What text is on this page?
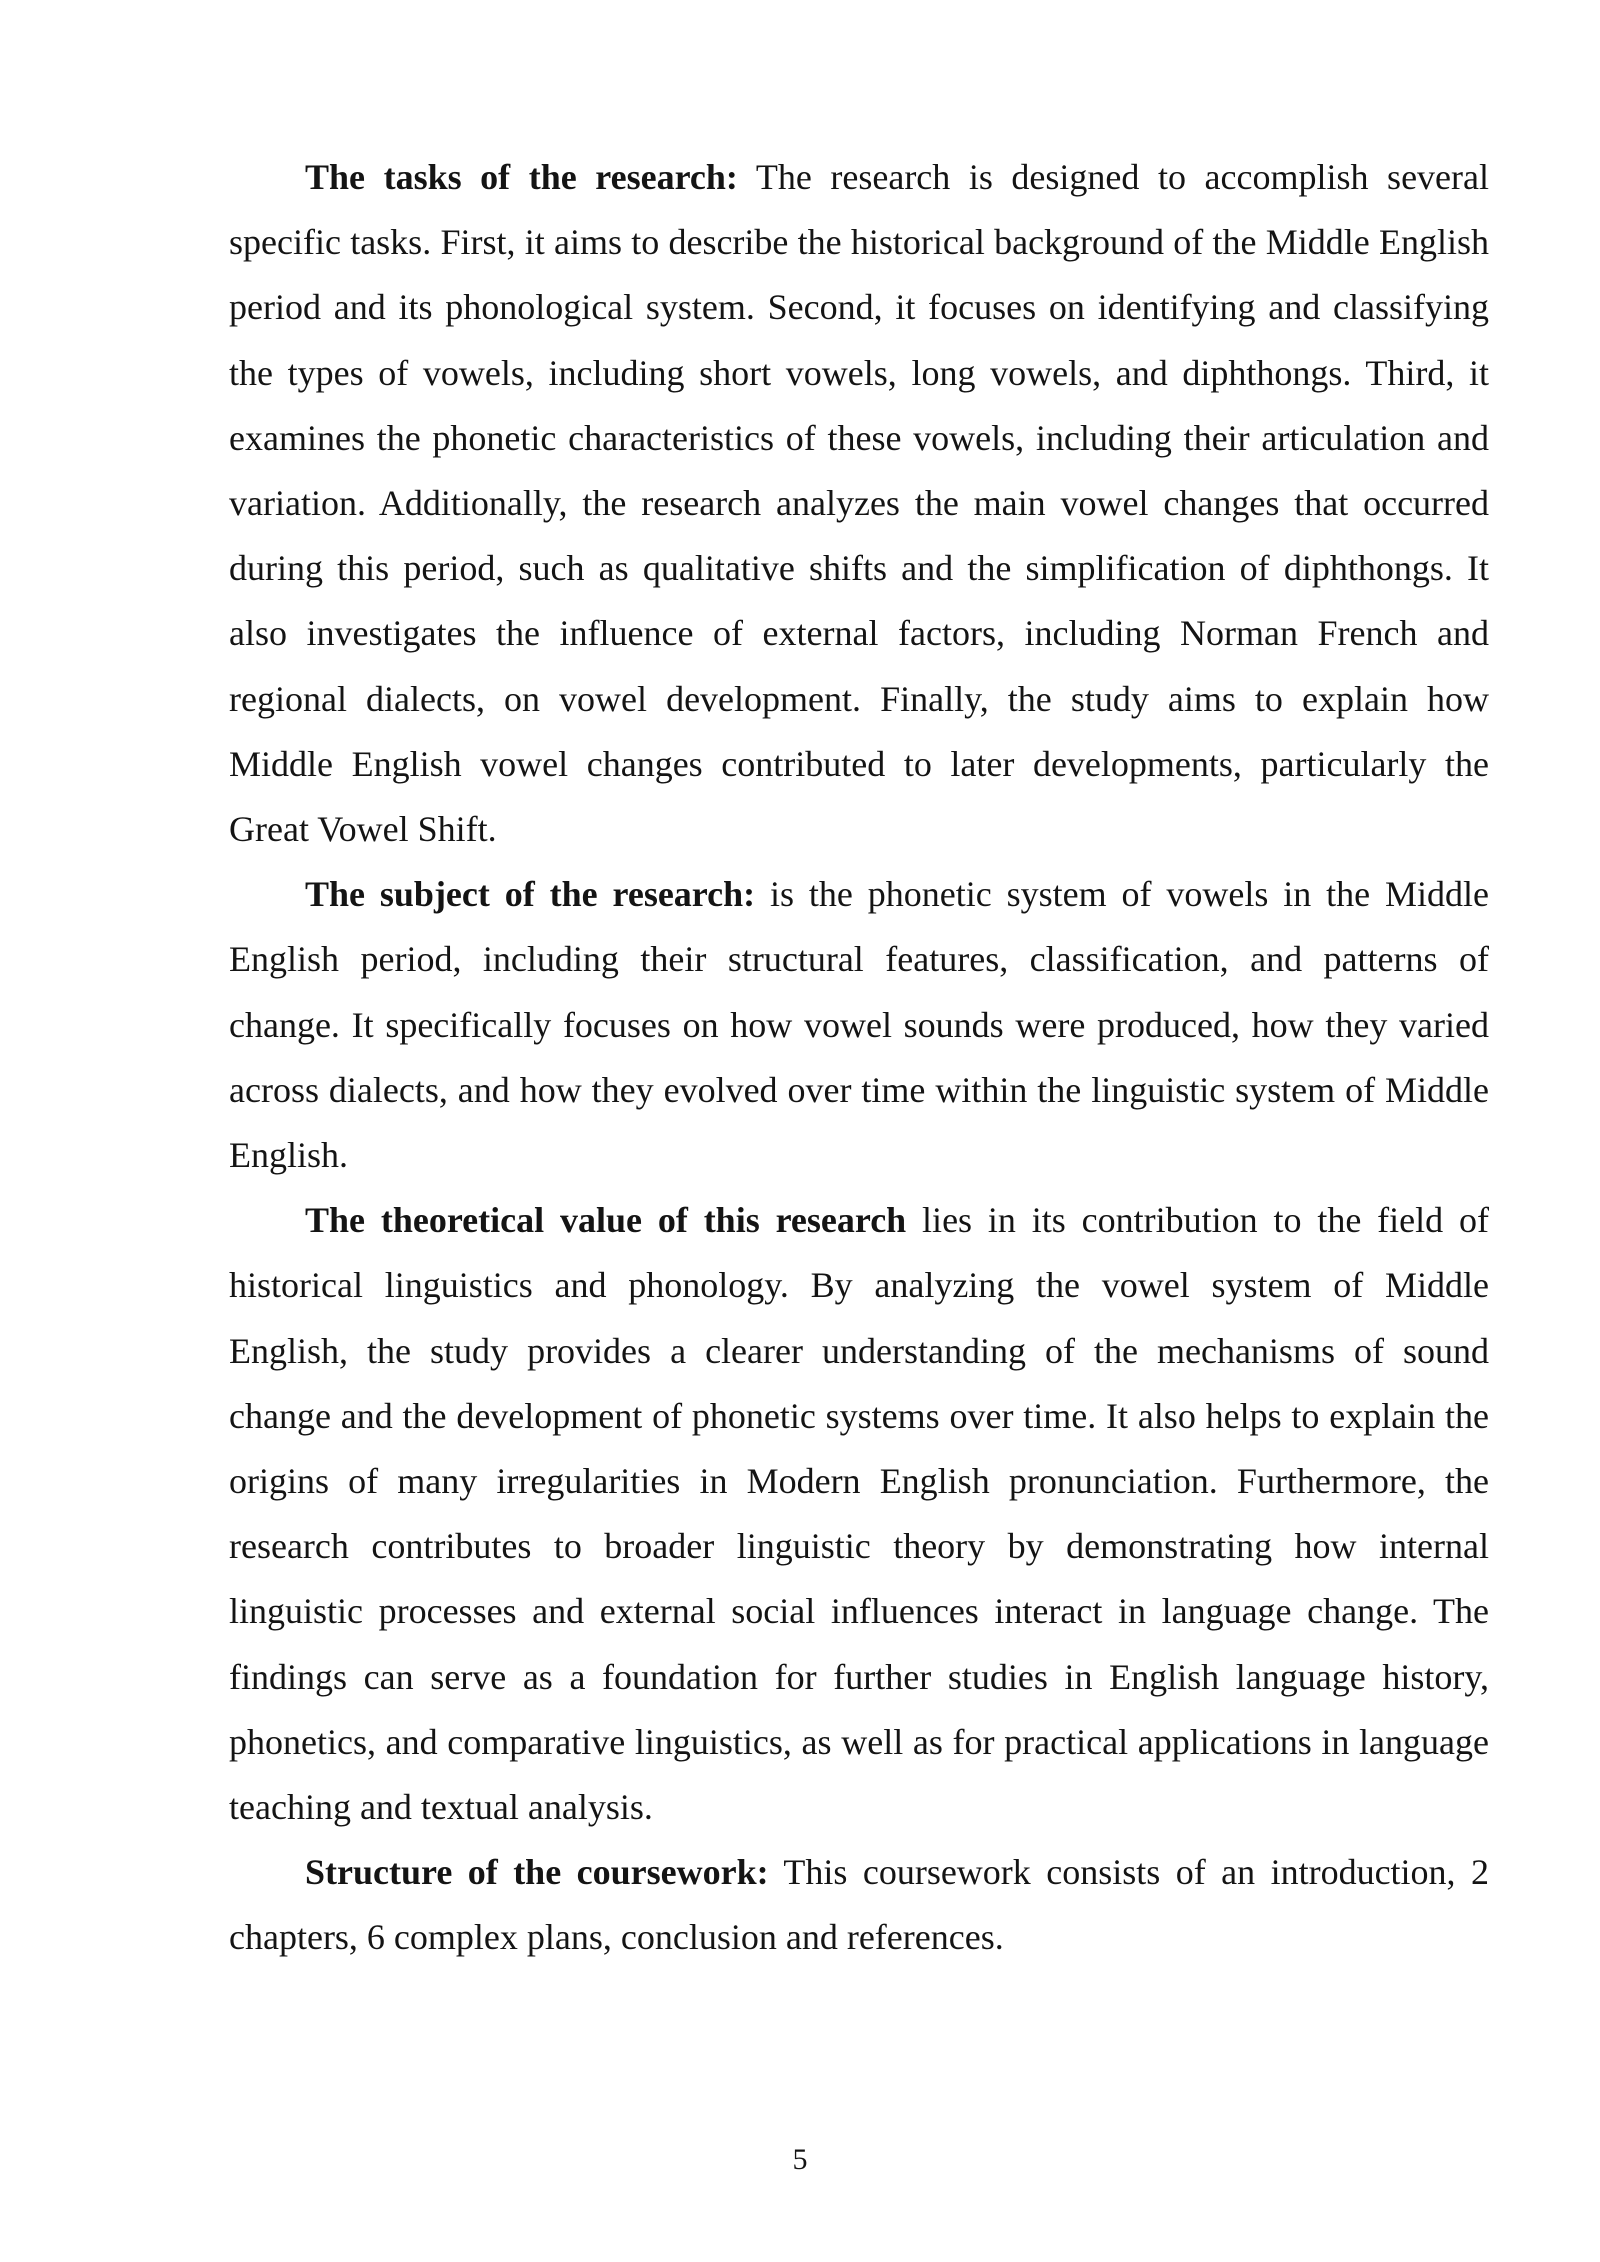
The tasks of the research: The research is designed to accomplish several specific tasks. First, it aims to describe the historical background of the Middle English period and its phonological system. Second, it focuses on identifying and classifying the types of vowels, including short vowels, long vowels, and diphthongs. Third, it examines the phonetic characteristics of these vowels, including their articulation and variation. Additionally, the research analyzes the main vowel changes that occurred during this period, such as qualitative shifts and the simplification of diphthongs. It also investigates the influence of external factors, including Norman French and regional dialects, on vowel development. Finally, the study aims to explain how Middle English vowel changes contributed to later developments, particularly the Great Vowel Shift.

The subject of the research: is the phonetic system of vowels in the Middle English period, including their structural features, classification, and patterns of change. It specifically focuses on how vowel sounds were produced, how they varied across dialects, and how they evolved over time within the linguistic system of Middle English.

The theoretical value of this research lies in its contribution to the field of historical linguistics and phonology. By analyzing the vowel system of Middle English, the study provides a clearer understanding of the mechanisms of sound change and the development of phonetic systems over time. It also helps to explain the origins of many irregularities in Modern English pronunciation. Furthermore, the research contributes to broader linguistic theory by demonstrating how internal linguistic processes and external social influences interact in language change. The findings can serve as a foundation for further studies in English language history, phonetics, and comparative linguistics, as well as for practical applications in language teaching and textual analysis.

Structure of the coursework: This coursework consists of an introduction, 2 chapters, 6 complex plans, conclusion and references.

5
